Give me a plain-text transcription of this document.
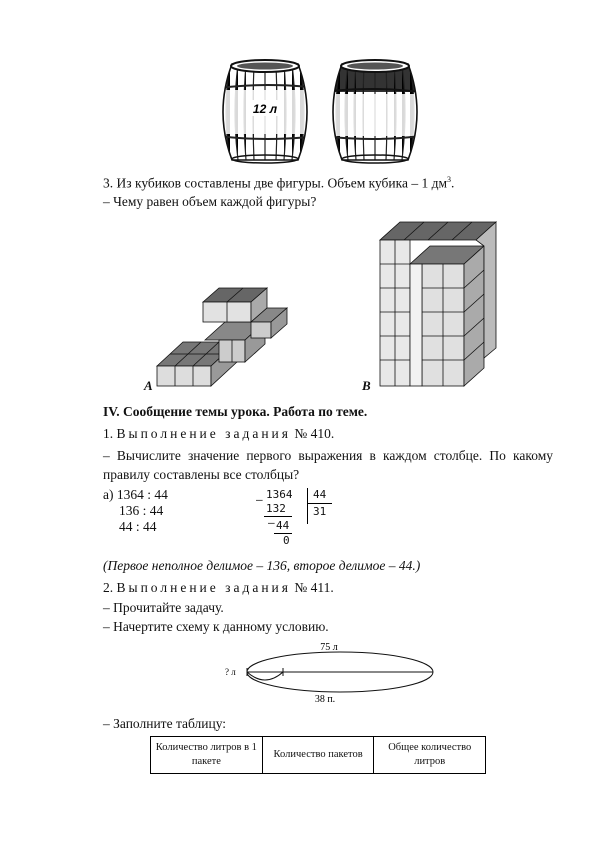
12 л
3. Из кубиков составлены две фигуры. Объем кубика – 1 $дм^3$.
– Чему равен объем каждой фигуры?
А	В
IV. Сообщение темы урока. Работа по теме.
1. Выполнение задания № 410.
– Вычислите значение первого выражения в каждом столбце. По какому правилу составлены все столбцы?
а) 1364 : 44
136 : 44
44 : 44
– 1364 44
31
132
– 44
0
(Первое неполное делимое – 136, второе делимое – 44.)
2. Выполнение задания № 411.
– Прочитайте задачу.
– Начертите схему к данному условию.
75 л
? л
38 п.
– Заполните таблицу:
Количество литров в 1 пакете	Количество пакетов	Общее количество литров
